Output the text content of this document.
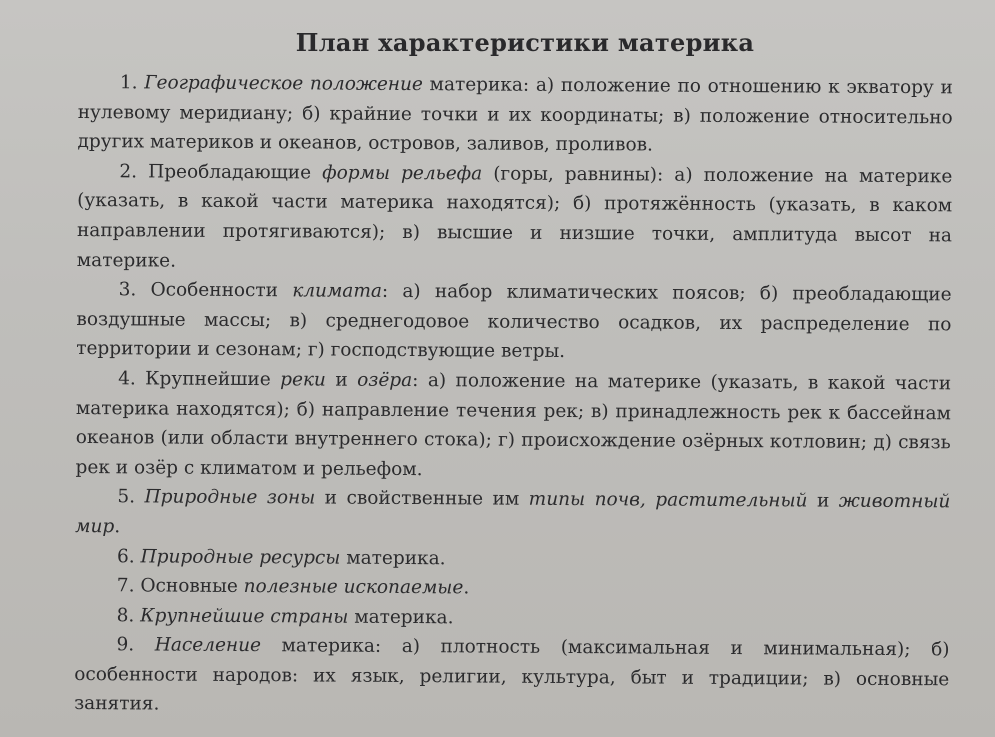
План характеристики материка

1. Географическое положение материка: а) положение по отношению к экватору и нулевому меридиану; б) крайние точки и их координаты; в) положение относительно других материков и океанов, островов, заливов, проливов.

2. Преобладающие формы рельефа (горы, равнины): а) положение на материке (указать, в какой части материка находятся); б) протяжённость (указать, в каком направлении протягиваются); в) высшие и низшие точки, амплитуда высот на материке.

3. Особенности климата: а) набор климатических поясов; б) преобладающие воздушные массы; в) среднегодовое количество осадков, их распределение по территории и сезонам; г) господствующие ветры.

4. Крупнейшие реки и озёра: а) положение на материке (указать, в какой части материка находятся); б) направление течения рек; в) принадлежность рек к бассейнам океанов (или области внутреннего стока); г) происхождение озёрных котловин; д) связь рек и озёр с климатом и рельефом.

5. Природные зоны и свойственные им типы почв, растительный и животный мир.

6. Природные ресурсы материка.

7. Основные полезные ископаемые.

8. Крупнейшие страны материка.

9. Население материка: а) плотность (максимальная и минимальная); б) особенности народов: их язык, религии, культура, быт и традиции; в) основные занятия.
